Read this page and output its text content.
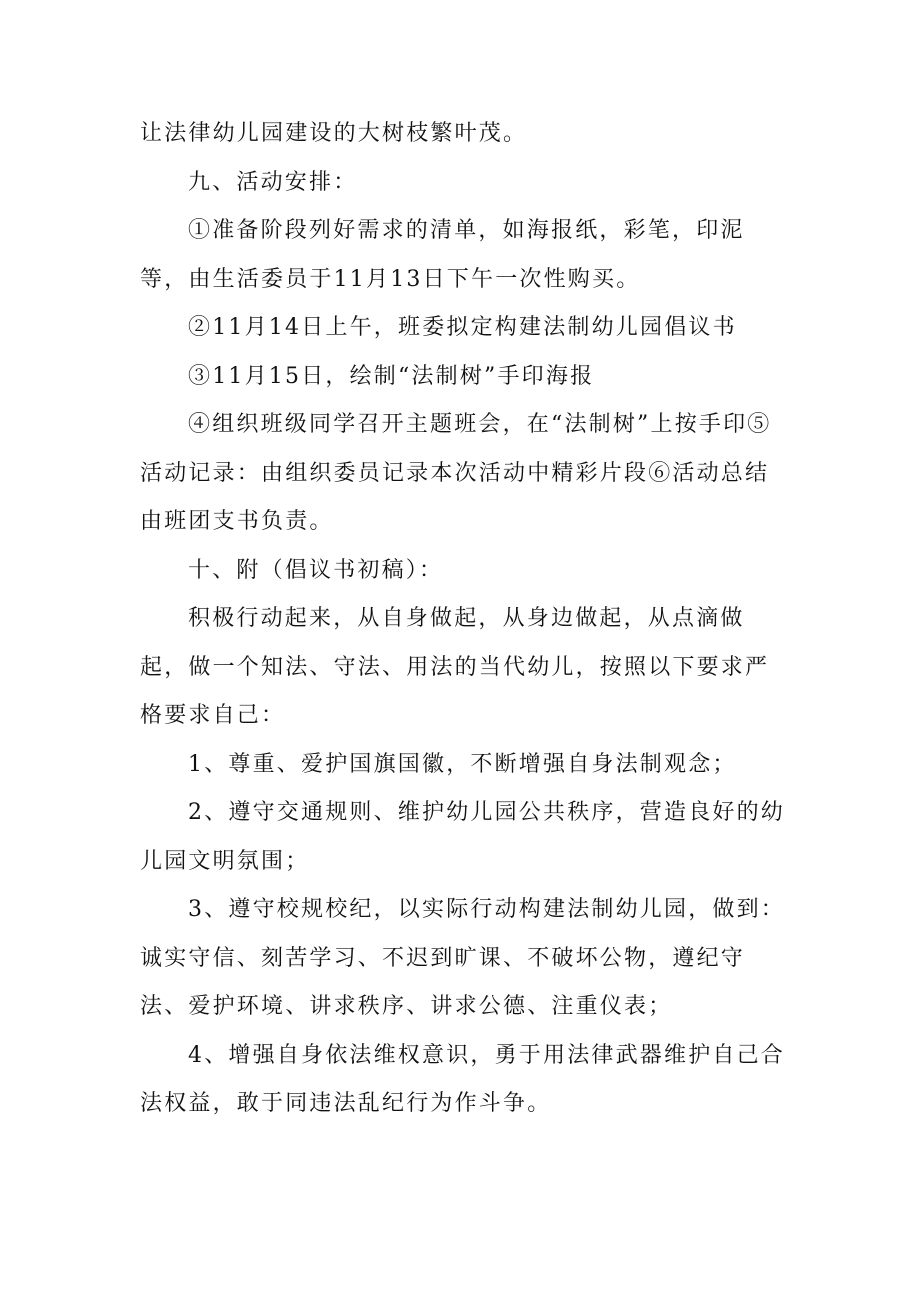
让法律幼儿园建设的大树枝繁叶茂。

九、活动安排：

①准备阶段列好需求的清单，如海报纸，彩笔，印泥等，由生活委员于11月13日下午一次性购买。

②11月14日上午，班委拟定构建法制幼儿园倡议书

③11月15日，绘制“法制树”手印海报

④组织班级同学召开主题班会，在“法制树”上按手印⑤活动记录：由组织委员记录本次活动中精彩片段⑥活动总结由班团支书负责。

十、附（倡议书初稿）：

积极行动起来，从自身做起，从身边做起，从点滴做起，做一个知法、守法、用法的当代幼儿，按照以下要求严格要求自己：

1、尊重、爱护国旗国徽，不断增强自身法制观念；

2、遵守交通规则、维护幼儿园公共秩序，营造良好的幼儿园文明氛围；

3、遵守校规校纪，以实际行动构建法制幼儿园，做到：诚实守信、刻苦学习、不迟到旷课、不破坏公物，遵纪守法、爱护环境、讲求秩序、讲求公德、注重仪表；

4、增强自身依法维权意识，勇于用法律武器维护自己合法权益，敢于同违法乱纪行为作斗争。
